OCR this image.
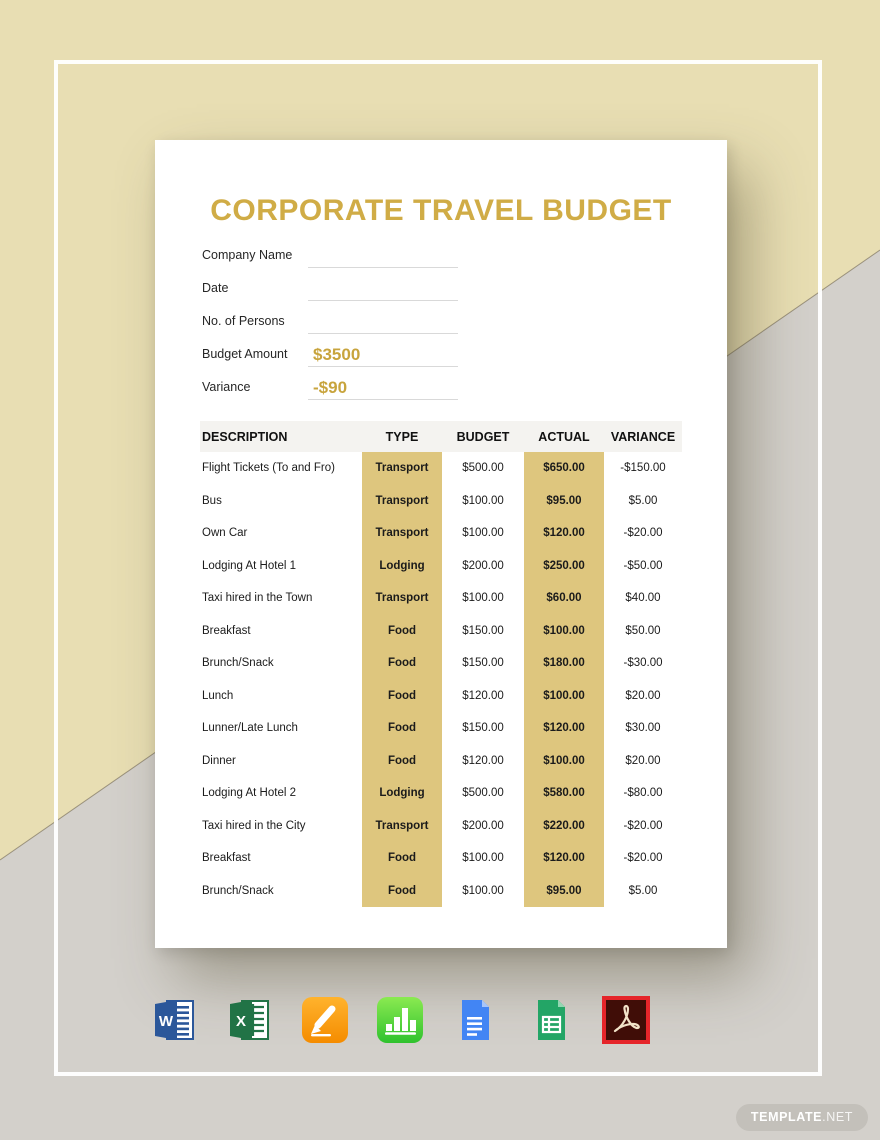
CORPORATE TRAVEL BUDGET
Company Name
Date
No. of Persons
Budget Amount	$3500
Variance	-$90
DESCRIPTION	TYPE	BUDGET	ACTUAL	VARIANCE
Flight Tickets (To and Fro)	Transport	$500.00	$650.00	-$150.00
Bus	Transport	$100.00	$95.00	$5.00
Own Car	Transport	$100.00	$120.00	-$20.00
Lodging At Hotel 1	Lodging	$200.00	$250.00	-$50.00
Taxi hired in the Town	Transport	$100.00	$60.00	$40.00
Breakfast	Food	$150.00	$100.00	$50.00
Brunch/Snack	Food	$150.00	$180.00	-$30.00
Lunch	Food	$120.00	$100.00	$20.00
Lunner/Late Lunch	Food	$150.00	$120.00	$30.00
Dinner	Food	$120.00	$100.00	$20.00
Lodging At Hotel 2	Lodging	$500.00	$580.00	-$80.00
Taxi hired in the City	Transport	$200.00	$220.00	-$20.00
Breakfast	Food	$100.00	$120.00	-$20.00
Brunch/Snack	Food	$100.00	$95.00	$5.00
W	X
TEMPLATE.NET
